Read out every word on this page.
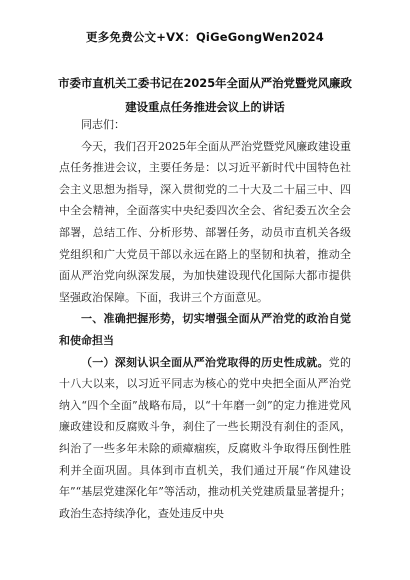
更多免费公文+VX：QiGeGongWen2024
市委市直机关工委书记在2025年全面从严治党暨党风廉政建设重点任务推进会议上的讲话

同志们：

今天，我们召开2025年全面从严治党暨党风廉政建设重点任务推进会议，主要任务是：以习近平新时代中国特色社会主义思想为指导，深入贯彻党的二十大及二十届三中、四中全会精神，全面落实中央纪委四次全会、省纪委五次全会部署，总结工作、分析形势、部署任务，动员市直机关各级党组织和广大党员干部以永远在路上的坚韧和执着，推动全面从严治党向纵深发展，为加快建设现代化国际大都市提供坚强政治保障。下面，我讲三个方面意见。

一、准确把握形势，切实增强全面从严治党的政治自觉和使命担当

（一）深刻认识全面从严治党取得的历史性成就。党的十八大以来，以习近平同志为核心的党中央把全面从严治党纳入“四个全面”战略布局，以“十年磨一剑”的定力推进党风廉政建设和反腐败斗争，刹住了一些长期没有刹住的歪风，纠治了一些多年未除的顽瘴痼疾，反腐败斗争取得压倒性胜利并全面巩固。具体到市直机关，我们通过开展“作风建设年”“基层党建深化年”等活动，推动机关党建质量显著提升；政治生态持续净化，查处违反中央
